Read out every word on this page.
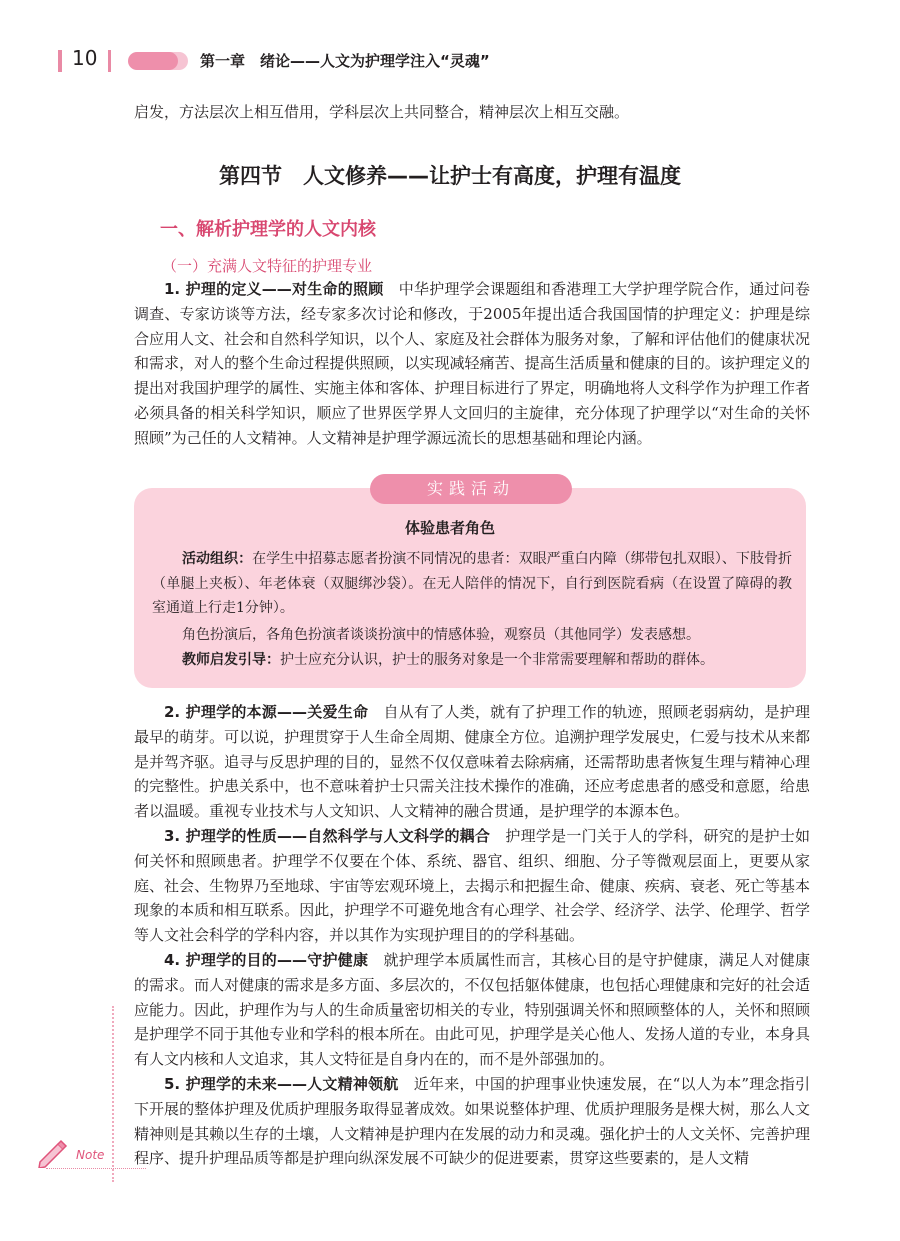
10	第一章　绪论——人文为护理学注入“灵魂”
启发，方法层次上相互借用，学科层次上共同整合，精神层次上相互交融。
第四节　人文修养——让护士有高度，护理有温度
一、解析护理学的人文内核
（一）充满人文特征的护理专业
1. 护理的定义——对生命的照顾　 中华护理学会课题组和香港理工大学护理学院合作，通过问卷调查、专家访谈等方法，经专家多次讨论和修改，于2005年提出适合我国国情的护理定义：护理是综合应用人文、社会和自然科学知识，以个人、家庭及社会群体为服务对象，了解和评估他们的健康状况和需求，对人的整个生命过程提供照顾，以实现减轻痛苦、提高生活质量和健康的目的。该护理定义的提出对我国护理学的属性、实施主体和客体、护理目标进行了界定，明确地将人文科学作为护理工作者必须具备的相关科学知识，顺应了世界医学界人文回归的主旋律，充分体现了护理学以“对生命的关怀照顾”为己任的人文精神。人文精神是护理学源远流长的思想基础和理论内涵。
实践活动
体验患者角色
活动组织：在学生中招募志愿者扮演不同情况的患者：双眼严重白内障（绑带包扎双眼）、下肢骨折（单腿上夹板）、年老体衰（双腿绑沙袋）。在无人陪伴的情况下，自行到医院看病（在设置了障碍的教室通道上行走1分钟）。
角色扮演后，各角色扮演者谈谈扮演中的情感体验，观察员（其他同学）发表感想。
教师启发引导：护士应充分认识，护士的服务对象是一个非常需要理解和帮助的群体。
2. 护理学的本源——关爱生命　 自从有了人类，就有了护理工作的轨迹，照顾老弱病幼，是护理最早的萌芽。可以说，护理贯穿于人生命全周期、健康全方位。追溯护理学发展史，仁爱与技术从来都是并驾齐驱。追寻与反思护理的目的，显然不仅仅意味着去除病痛，还需帮助患者恢复生理与精神心理的完整性。护患关系中，也不意味着护士只需关注技术操作的准确，还应考虑患者的感受和意愿，给患者以温暖。重视专业技术与人文知识、人文精神的融合贯通，是护理学的本源本色。
3. 护理学的性质——自然科学与人文科学的耦合　 护理学是一门关于人的学科，研究的是护士如何关怀和照顾患者。护理学不仅要在个体、系统、器官、组织、细胞、分子等微观层面上，更要从家庭、社会、生物界乃至地球、宇宙等宏观环境上，去揭示和把握生命、健康、疾病、衰老、死亡等基本现象的本质和相互联系。因此，护理学不可避免地含有心理学、社会学、经济学、法学、伦理学、哲学等人文社会科学的学科内容，并以其作为实现护理目的的学科基础。
4. 护理学的目的——守护健康　 就护理学本质属性而言，其核心目的是守护健康，满足人对健康的需求。而人对健康的需求是多方面、多层次的，不仅包括躯体健康，也包括心理健康和完好的社会适应能力。因此，护理作为与人的生命质量密切相关的专业，特别强调关怀和照顾整体的人，关怀和照顾是护理学不同于其他专业和学科的根本所在。由此可见，护理学是关心他人、发扬人道的专业，本身具有人文内核和人文追求，其人文特征是自身内在的，而不是外部强加的。
5. 护理学的未来——人文精神领航　 近年来，中国的护理事业快速发展，在“以人为本”理念指引下开展的整体护理及优质护理服务取得显著成效。如果说整体护理、优质护理服务是棵大树，那么人文精神则是其赖以生存的土壤，人文精神是护理内在发展的动力和灵魂。强化护士的人文关怀、完善护理程序、提升护理品质等都是护理向纵深发展不可缺少的促进要素，贯穿这些要素的，是人文精
Note
